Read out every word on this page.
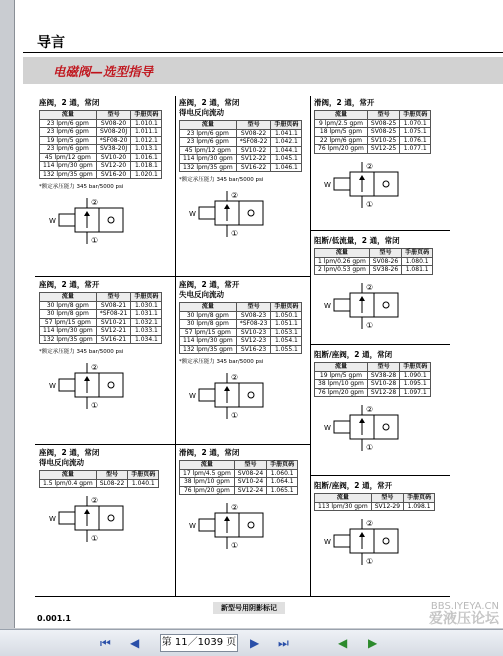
导言
电磁阀—选型指导
座阀，2 通，常闭
流量	型号	手册页码
23 lpm/6 gpm	SV08-20	1.010.1
23 lpm/6 gpm	SV08-20J	1.011.1
19 lpm/5 gpm	*SF08-20	1.012.1
23 lpm/6 gpm	SV38-20J	1.013.1
45 lpm/12 gpm	SV10-20	1.016.1
114 lpm/30 gpm	SV12-20	1.018.1
132 lpm/35 gpm	SV16-20	1.020.1
*额定承压能力 345 bar/5000 psi
②
①
W
座阀，2 通，常闭
得电反向流动
流量	型号	手册页码
23 lpm/6 gpm	SV08-22	1.041.1
23 lpm/6 gpm	*SF08-22	1.042.1
45 lpm/12 gpm	SV10-22	1.044.1
114 lpm/30 gpm	SV12-22	1.045.1
132 lpm/35 gpm	SV16-22	1.046.1
*额定承压能力 345 bar/5000 psi
②
①
W
滑阀，2 通，常开
流量	型号	手册页码
9 lpm/2.5 gpm	SV08-25	1.070.1
18 lpm/5 gpm	SV08-25	1.075.1
22 lpm/6 gpm	SV10-25	1.076.1
76 lpm/20 gpm	SV12-25	1.077.1
②
①
W
阻断/低流量，2 通，常闭
流量	型号	手册页码
1 lpm/0.26 gpm	SV08-26	1.080.1
2 lpm/0.53 gpm	SV38-26	1.081.1
②
①
W
座阀，2 通，常开
流量	型号	手册页码
30 lpm/8 gpm	SV08-21	1.030.1
30 lpm/8 gpm	*SF08-21	1.031.1
57 lpm/15 gpm	SV10-21	1.032.1
114 lpm/30 gpm	SV12-21	1.033.1
132 lpm/35 gpm	SV16-21	1.034.1
*额定承压能力 345 bar/5000 psi
②
①
W
座阀，2 通，常开
失电反向流动
流量	型号	手册页码
30 lpm/8 gpm	SV08-23	1.050.1
30 lpm/8 gpm	*SF08-23	1.051.1
57 lpm/15 gpm	SV10-23	1.053.1
114 lpm/30 gpm	SV12-23	1.054.1
132 lpm/35 gpm	SV16-23	1.055.1
*额定承压能力 345 bar/5000 psi
②
①
W
阻断/座阀，2 通，常闭
流量	型号	手册页码
19 lpm/5 gpm	SV38-28	1.090.1
38 lpm/10 gpm	SV10-28	1.095.1
76 lpm/20 gpm	SV12-28	1.097.1
②
①
W
座阀，2 通，常闭
得电反向流动
流量	型号	手册页码
1.5 lpm/0.4 gpm	SL08-22	1.040.1
②
①
W
滑阀，2 通，常闭
流量	型号	手册页码
17 lpm/4.5 gpm	SV08-24	1.060.1
38 lpm/10 gpm	SV10-24	1.064.1
76 lpm/20 gpm	SV12-24	1.065.1
②
①
W
阻断/座阀，2 通，常开
流量	型号	手册页码
113 lpm/30 gpm	SV12-29	1.098.1
②
①
W
新型号用阴影标记
0.001.1
BBS.IYEYA.CN
爱液压论坛
⏮ ◀ 第 11／1039 页 ▶ ⏭	◀ ▶
